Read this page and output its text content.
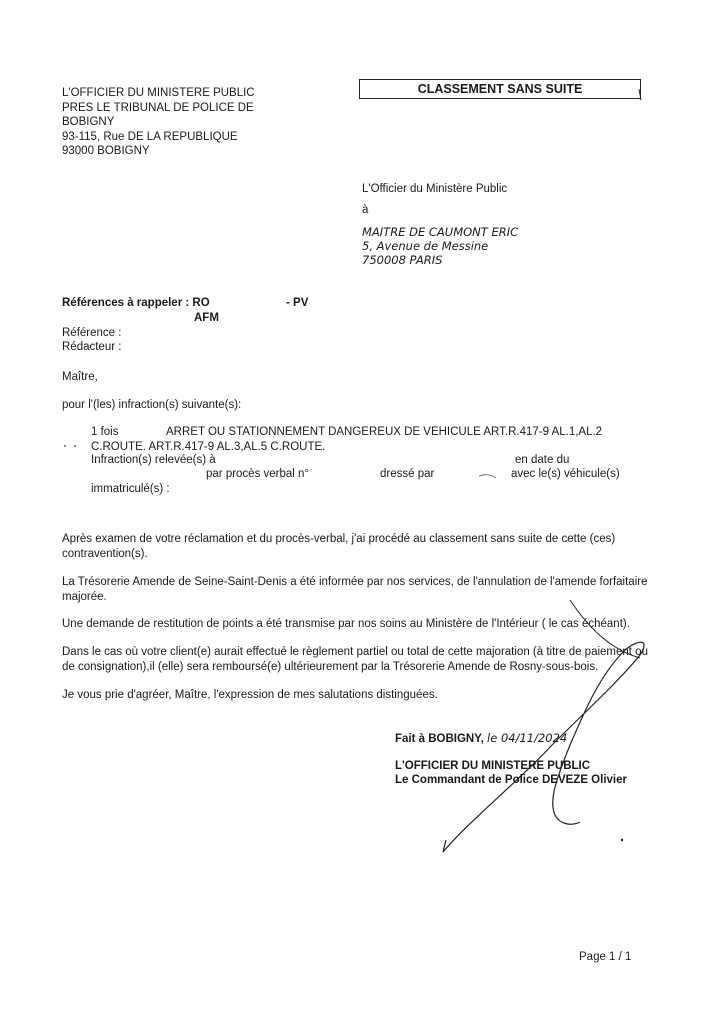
L'OFFICIER DU MINISTERE PUBLIC
PRES LE TRIBUNAL DE POLICE DE
BOBIGNY
93-115, Rue DE LA REPUBLIQUE
93000 BOBIGNY
CLASSEMENT SANS SUITE
L'Officier du Ministère Public
à
MAITRE DE CAUMONT ERIC
5, Avenue de Messine
750008 PARIS
Références à rappeler : RO	- PV
AFM
Référence :
Rédacteur :
Maître,
pour l'(les) infraction(s) suivante(s):
1 fois	ARRET OU STATIONNEMENT DANGEREUX DE VEHICULE ART.R.417-9 AL.1,AL.2
C.ROUTE. ART.R.417-9 AL.3,AL.5 C.ROUTE.
Infraction(s) relevée(s) à	en date du
par procès verbal n°	dressé par	avec le(s) véhicule(s)
immatriculé(s) :
Après examen de votre réclamation et du procès-verbal, j'ai procédé au classement sans suite de cette (ces) contravention(s).
La Trésorerie Amende de Seine-Saint-Denis a été informée par nos services, de l'annulation de l'amende forfaitaire majorée.
Une demande de restitution de points a été transmise par nos soins au Ministère de l'Intérieur ( le cas échéant).
Dans le cas où votre client(e) aurait effectué le règlement partiel ou total de cette majoration (à titre de paiement ou de consignation),il (elle) sera remboursé(e) ultérieurement par la Trésorerie Amende de Rosny-sous-bois.
Je vous prie d'agréer, Maître, l'expression de mes salutations distinguées.
Fait à BOBIGNY, le 04/11/2024
L'OFFICIER DU MINISTERE PUBLIC
Le Commandant de Police DEVEZE Olivier
Page 1 / 1
